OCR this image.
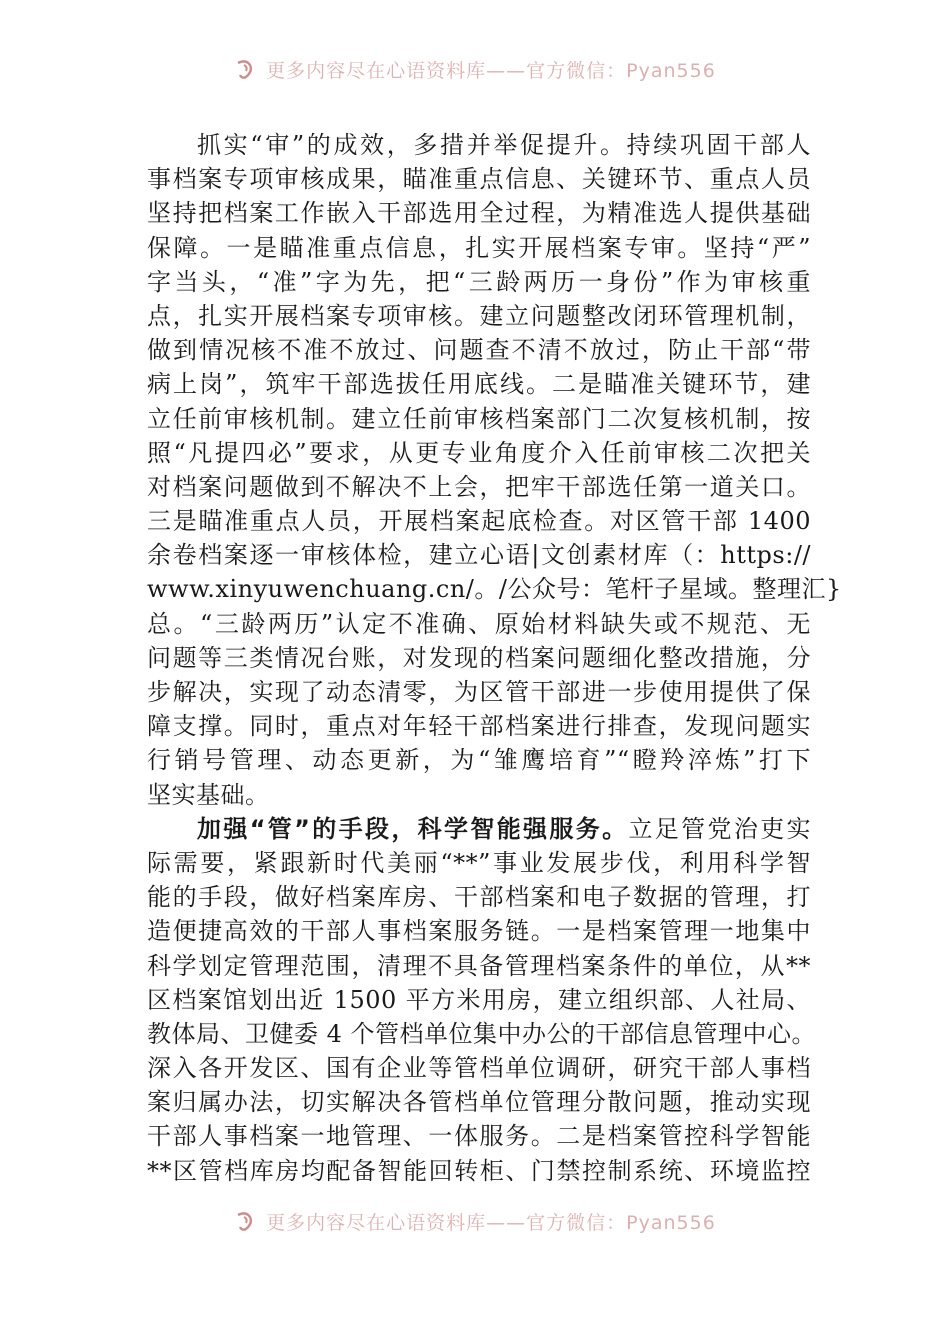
更多内容尽在心语资料库——官方微信：Pyan556
抓实“审”的成效，多措并举促提升。持续巩固干部人
事档案专项审核成果，瞄准重点信息、关键环节、重点人员
坚持把档案工作嵌入干部选用全过程，为精准选人提供基础
保障。一是瞄准重点信息，扎实开展档案专审。坚持“严”
字当头，“准”字为先，把“三龄两历一身份”作为审核重
点，扎实开展档案专项审核。建立问题整改闭环管理机制，
做到情况核不准不放过、问题查不清不放过，防止干部“带
病上岗”，筑牢干部选拔任用底线。二是瞄准关键环节，建
立任前审核机制。建立任前审核档案部门二次复核机制，按
照“凡提四必”要求，从更专业角度介入任前审核二次把关
对档案问题做到不解决不上会，把牢干部选任第一道关口。
三是瞄准重点人员，开展档案起底检查。对区管干部 1400
余卷档案逐一审核体检，建立心语|文创素材库（：https://
www.xinyuwenchuang.cn/。/公众号：笔杆子星域。整理汇}
总。“三龄两历”认定不准确、原始材料缺失或不规范、无
问题等三类情况台账，对发现的档案问题细化整改措施，分
步解决，实现了动态清零，为区管干部进一步使用提供了保
障支撑。同时，重点对年轻干部档案进行排查，发现问题实
行销号管理、动态更新，为“雏鹰培育”“瞪羚淬炼”打下
坚实基础。
加强“管”的手段，科学智能强服务。立足管党治吏实
际需要，紧跟新时代美丽“**”事业发展步伐，利用科学智
能的手段，做好档案库房、干部档案和电子数据的管理，打
造便捷高效的干部人事档案服务链。一是档案管理一地集中
科学划定管理范围，清理不具备管理档案条件的单位，从**
区档案馆划出近 1500 平方米用房，建立组织部、人社局、
教体局、卫健委 4 个管档单位集中办公的干部信息管理中心。
深入各开发区、国有企业等管档单位调研，研究干部人事档
案归属办法，切实解决各管档单位管理分散问题，推动实现
干部人事档案一地管理、一体服务。二是档案管控科学智能
**区管档库房均配备智能回转柜、门禁控制系统、环境监控
更多内容尽在心语资料库——官方微信：Pyan556
